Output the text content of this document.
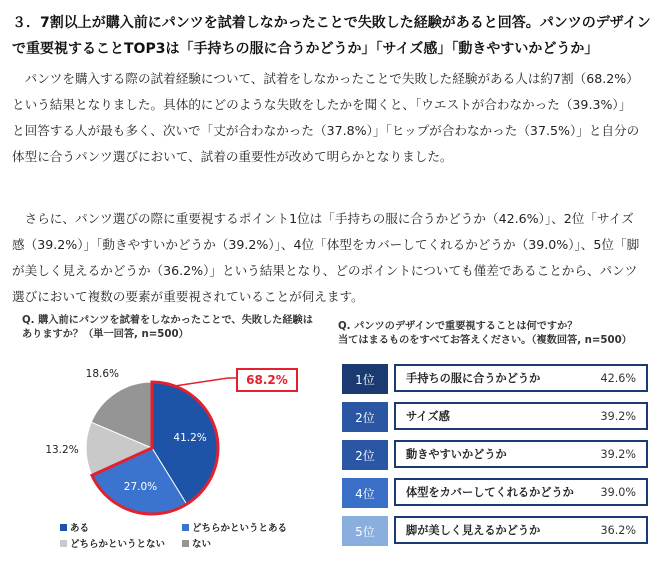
３．7割以上が購入前にパンツを試着しなかったことで失敗した経験があると回答。パンツのデザインで重要視することTOP3は「手持ちの服に合うかどうか」「サイズ感」「動きやすいかどうか」
パンツを購入する際の試着経験について、試着をしなかったことで失敗した経験がある人は約7割（68.2%）という結果となりました。具体的にどのような失敗をしたかを聞くと、「ウエストが合わなかった（39.3%）」と回答する人が最も多く、次いで「丈が合わなかった（37.8%）」「ヒップが合わなかった（37.5%）」と自分の体型に合うパンツ選びにおいて、試着の重要性が改めて明らかとなりました。
さらに、パンツ選びの際に重要視するポイント1位は「手持ちの服に合うかどうか（42.6%）」、2位「サイズ感（39.2%）」「動きやすいかどうか（39.2%）」、4位「体型をカバーしてくれるかどうか（39.0%）」、5位「脚が美しく見えるかどうか（36.2%）」という結果となり、どのポイントについても僅差であることから、パンツ選びにおいて複数の要素が重要視されていることが伺えます。
Q. 購入前にパンツを試着をしなかったことで、失敗した経験はありますか？（単一回答, n=500）
41.2%
27.0%
13.2%
18.6%	68.2%
ある	どちらかというとある
どちらかというとない	ない
Q. パンツのデザインで重要視することは何ですか？
当てはまるものをすべてお答えください。（複数回答, n=500）
1位	手持ちの服に合うかどうか	42.6%
2位	サイズ感	39.2%
2位	動きやすいかどうか	39.2%
4位	体型をカバーしてくれるかどうか 39.0%
5位	脚が美しく見えるかどうか	36.2%
